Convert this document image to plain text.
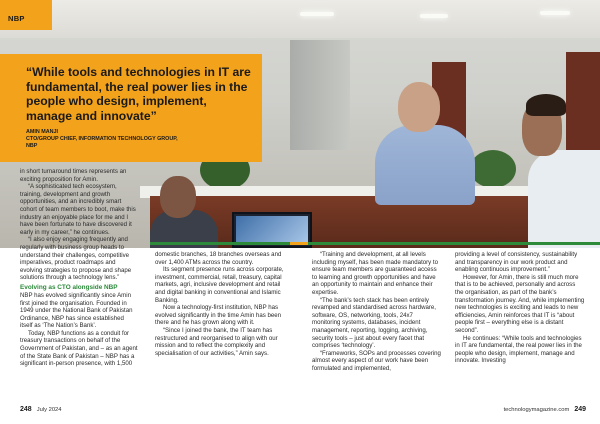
NBP

“While tools and technologies in IT are fundamental, the real power lies in the people who design, implement, manage and innovate”

AMIN MANJI
CTO/GROUP CHIEF, INFORMATION TECHNOLOGY GROUP,
NBP

in short turnaround times represents an exciting proposition for Amin.

“A sophisticated tech ecosystem, training, development and growth opportunities, and an incredibly smart cohort of team members to boot, make this industry an enjoyable place for me and I have been fortunate to have discovered it early in my career,” he continues.

“I also enjoy engaging frequently and regularly with business group heads to understand their challenges, competitive imperatives, product roadmaps and evolving strategies to propose and shape solutions through a technology lens.”

Evolving as CTO alongside NBP

NBP has evolved significantly since Amin first joined the organisation. Founded in 1949 under the National Bank of Pakistan Ordinance, NBP has since established itself as ‘The Nation’s Bank’.

Today, NBP functions as a conduit for treasury transactions on behalf of the Government of Pakistan, and – as an agent of the State Bank of Pakistan – NBP has a significant in-person presence, with 1,500

domestic branches, 18 branches overseas and over 1,400 ATMs across the country.

Its segment presence runs across corporate, investment, commercial, retail, treasury, capital markets, agri, inclusive development and retail and digital banking in conventional and Islamic Banking.

Now a technology-first institution, NBP has evolved significantly in the time Amin has been there and he has grown along with it.

“Since I joined the bank, the IT team has restructured and reorganised to align with our mission and to reflect the complexity and specialisation of our activities,” Amin says.

“Training and development, at all levels including myself, has been made mandatory to ensure team members are guaranteed access to learning and growth opportunities and have an opportunity to maintain and enhance their expertise.

“The bank’s tech stack has been entirely revamped and standardised across hardware, software, OS, networking, tools, 24x7 monitoring systems, databases, incident management, reporting, logging, archiving, security tools – just about every facet that comprises ‘technology’.

“Frameworks, SOPs and processes covering almost every aspect of our work have been formulated and implemented,

providing a level of consistency, sustainability and transparency in our work product and enabling continuous improvement.”

However, for Amin, there is still much more that is to be achieved, personally and across the organisation, as part of the bank’s transformation journey. And, while implementing new technologies is exciting and leads to new efficiencies, Amin reinforces that IT is “about people first – everything else is a distant second”.

He continues: “While tools and technologies in IT are fundamental, the real power lies in the people who design, implement, manage and innovate. Investing

248 July 2024	technologymagazine.com 249
